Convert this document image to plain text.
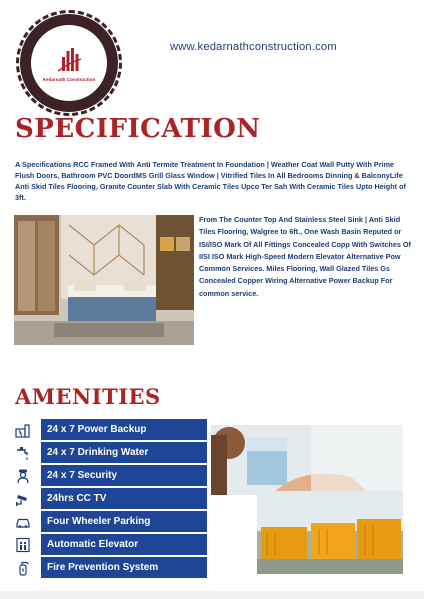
Kedarnath Construction
www.kedarnathconstruction.com
SPECIFICATION
A Specifications RCC Framed With Anti Termite Treatment In Foundation | Weather Coat Wall Putty With Prime Flush Doors, Bathroom PVC DoordMS Grill Glass Window | Vitrified Tiles In All Bedrooms Dinning & BalconyLife Anti Skid Tiles Flooring, Granite Counter Slab With Ceramic Tiles Upco Ter Sah With Ceramic Tiles Upto Height of 3ft.
From The Counter Top And Stainless Steel Sink | Anti Skid Tiles Flooring, Walgree to 6ft., One Wash Basin Reputed or ISI/ISO Mark Of All Fittings Concealed Copp With Switches Of IISI ISO Mark High-Speed Modern Elevator Alternative Pow Common Services. Miles Flooring, Wall Glazed Tiles Gs Concealed Copper Wiring Alternative Power Backup For common service.
AMENITIES
24 x 7 Power Backup
24 x 7 Drinking Water
24 x 7 Security
24hrs CC TV
Four Wheeler Parking
Automatic Elevator
Fire Prevention System
